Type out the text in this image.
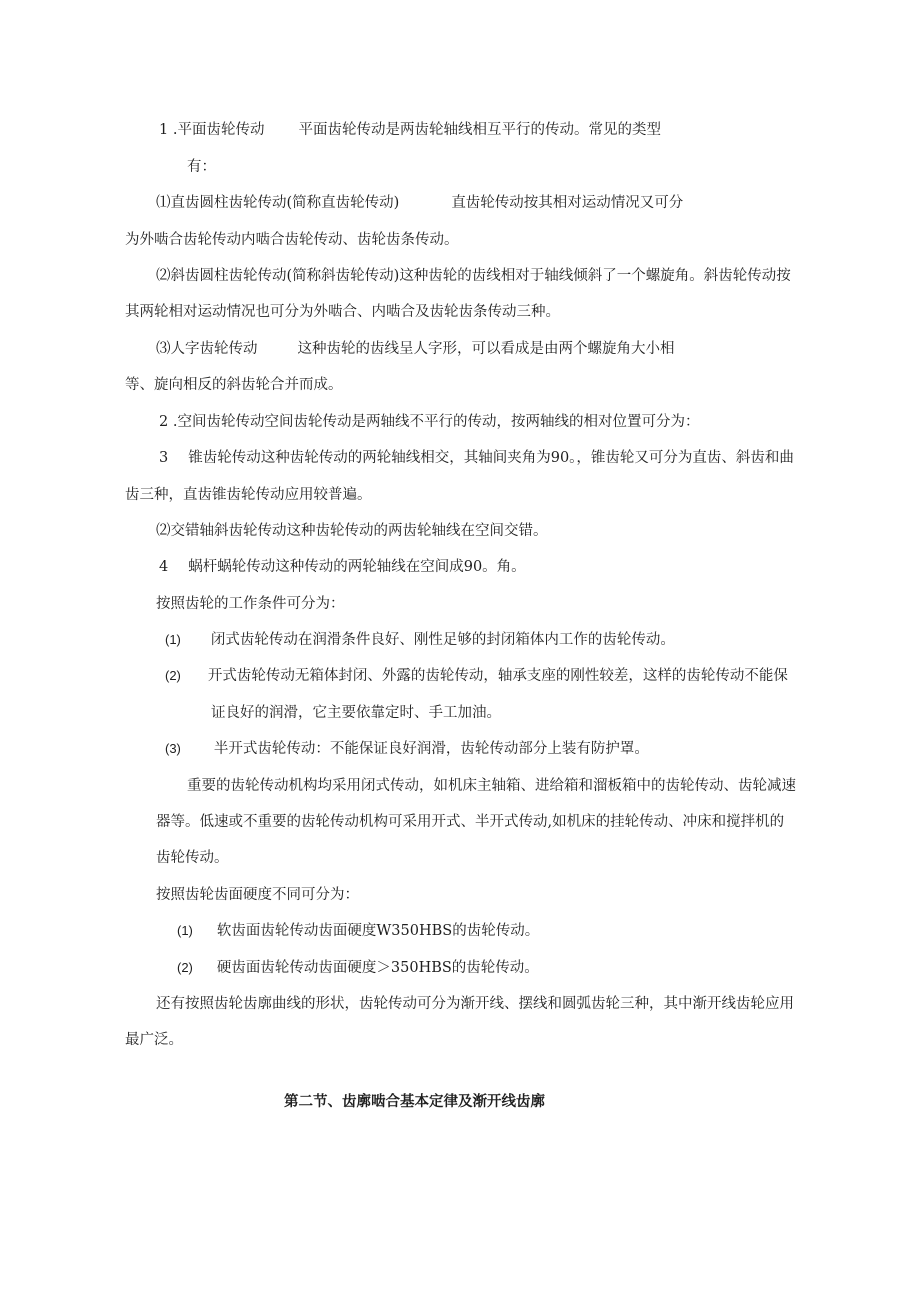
1 .平面齿轮传动 平面齿轮传动是两齿轮轴线相互平行的传动。常见的类型
有：
⑴直齿圆柱齿轮传动(简称直齿轮传动)	直齿轮传动按其相对运动情况又可分
为外啮合齿轮传动内啮合齿轮传动、齿轮齿条传动。
⑵斜齿圆柱齿轮传动(简称斜齿轮传动)这种齿轮的齿线相对于轴线倾斜了一个螺旋角。斜齿轮传动按
其两轮相对运动情况也可分为外啮合、内啮合及齿轮齿条传动三种。
⑶人字齿轮传动	这种齿轮的齿线呈人字形，可以看成是由两个螺旋角大小相
等、旋向相反的斜齿轮合并而成。
2 .空间齿轮传动空间齿轮传动是两轴线不平行的传动，按两轴线的相对位置可分为：
3 锥齿轮传动这种齿轮传动的两轮轴线相交，其轴间夹角为90。，锥齿轮又可分为直齿、斜齿和曲
齿三种，直齿锥齿轮传动应用较普遍。
⑵交错轴斜齿轮传动这种齿轮传动的两齿轮轴线在空间交错。
4 蜗杆蜗轮传动这种传动的两轮轴线在空间成90。角。
按照齿轮的工作条件可分为：
(1) 闭式齿轮传动在润滑条件良好、刚性足够的封闭箱体内工作的齿轮传动。
(2) 开式齿轮传动无箱体封闭、外露的齿轮传动，轴承支座的刚性较差，这样的齿轮传动不能保
证良好的润滑，它主要依靠定时、手工加油。
(3) 半开式齿轮传动：不能保证良好润滑，齿轮传动部分上装有防护罩。
重要的齿轮传动机构均采用闭式传动，如机床主轴箱、进给箱和溜板箱中的齿轮传动、齿轮减速
器等。低速或不重要的齿轮传动机构可采用开式、半开式传动,如机床的挂轮传动、冲床和搅拌机的
齿轮传动。
按照齿轮齿面硬度不同可分为：
(1) 软齿面齿轮传动齿面硬度W350HBS的齿轮传动。
(2) 硬齿面齿轮传动齿面硬度＞350HBS的齿轮传动。
还有按照齿轮齿廓曲线的形状，齿轮传动可分为渐开线、摆线和圆弧齿轮三种，其中渐开线齿轮应用
最广泛。
第二节、齿廓啮合基本定律及渐开线齿廓
